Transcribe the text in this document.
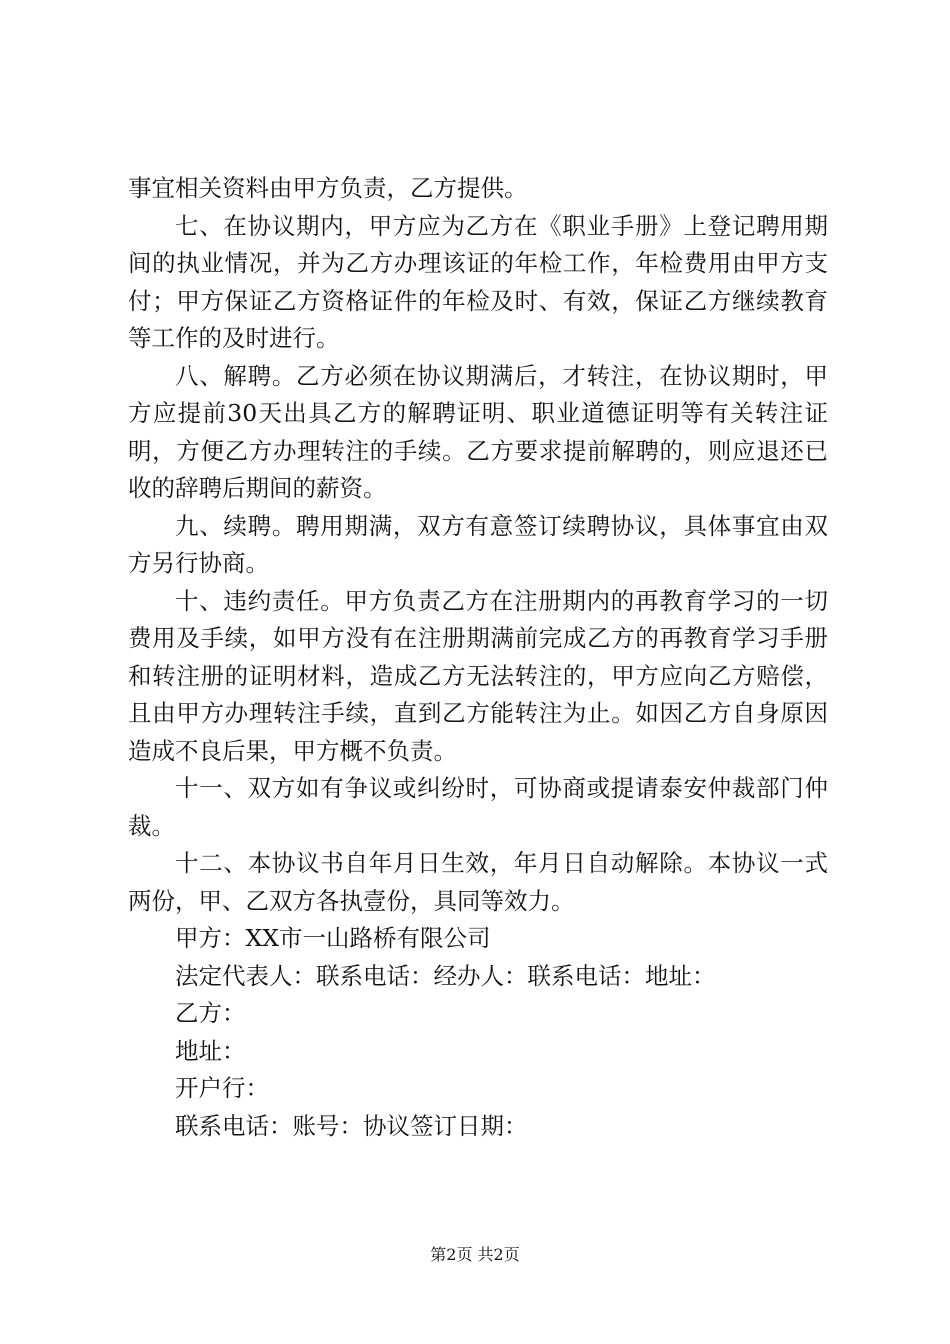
事宜相关资料由甲方负责，乙方提供。

七、在协议期内，甲方应为乙方在《职业手册》上登记聘用期间的执业情况，并为乙方办理该证的年检工作，年检费用由甲方支付；甲方保证乙方资格证件的年检及时、有效，保证乙方继续教育等工作的及时进行。

八、解聘。乙方必须在协议期满后，才转注，在协议期时，甲方应提前30天出具乙方的解聘证明、职业道德证明等有关转注证明，方便乙方办理转注的手续。乙方要求提前解聘的，则应退还已收的辞聘后期间的薪资。

九、续聘。聘用期满，双方有意签订续聘协议，具体事宜由双方另行协商。

十、违约责任。甲方负责乙方在注册期内的再教育学习的一切费用及手续，如甲方没有在注册期满前完成乙方的再教育学习手册和转注册的证明材料，造成乙方无法转注的，甲方应向乙方赔偿，且由甲方办理转注手续，直到乙方能转注为止。如因乙方自身原因造成不良后果，甲方概不负责。

十一、双方如有争议或纠纷时，可协商或提请泰安仲裁部门仲裁。

十二、本协议书自年月日生效，年月日自动解除。本协议一式两份，甲、乙双方各执壹份，具同等效力。

甲方：XX市一山路桥有限公司

法定代表人：联系电话：经办人：联系电话：地址：

乙方：

地址：

开户行：

联系电话：账号：协议签订日期：

第2页 共2页
